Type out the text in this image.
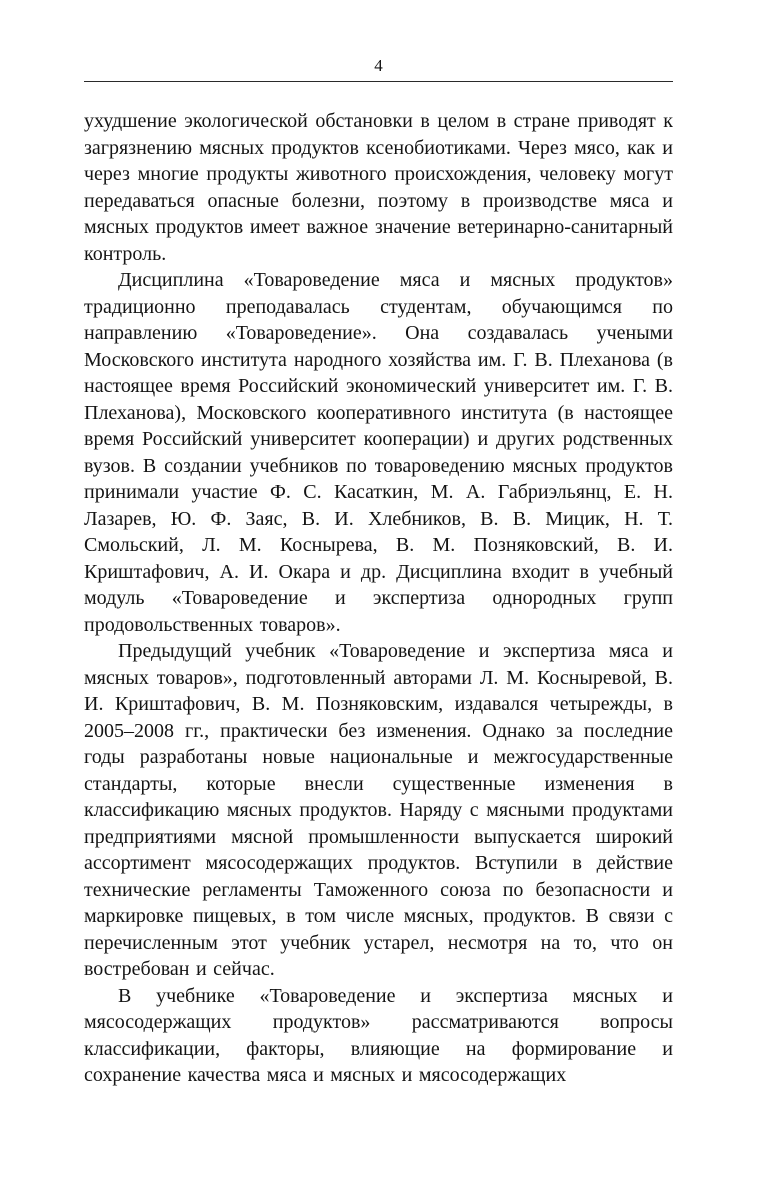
4

ухудшение экологической обстановки в целом в стране приводят к загрязнению мясных продуктов ксенобиотиками. Через мясо, как и через многие продукты животного происхождения, человеку могут передаваться опасные болезни, поэтому в производстве мяса и мясных продуктов имеет важное значение ветеринарно-санитарный контроль.

Дисциплина «Товароведение мяса и мясных продуктов» традиционно преподавалась студентам, обучающимся по направлению «Товароведение». Она создавалась учеными Московского института народного хозяйства им. Г. В. Плеханова (в настоящее время Российский экономический университет им. Г. В. Плеханова), Московского кооперативного института (в настоящее время Российский университет кооперации) и других родственных вузов. В создании учебников по товароведению мясных продуктов принимали участие Ф. С. Касаткин, М. А. Габриэльянц, Е. Н. Лазарев, Ю. Ф. Заяс, В. И. Хлебников, В. В. Мицик, Н. Т. Смольский, Л. М. Коснырева, В. М. Позняковский, В. И. Криштафович, А. И. Окара и др. Дисциплина входит в учебный модуль «Товароведение и экспертиза однородных групп продовольственных товаров».

Предыдущий учебник «Товароведение и экспертиза мяса и мясных товаров», подготовленный авторами Л. М. Косныревой, В. И. Криштафович, В. М. Позняковским, издавался четырежды, в 2005–2008 гг., практически без изменения. Однако за последние годы разработаны новые национальные и межгосударственные стандарты, которые внесли существенные изменения в классификацию мясных продуктов. Наряду с мясными продуктами предприятиями мясной промышленности выпускается широкий ассортимент мясосодержащих продуктов. Вступили в действие технические регламенты Таможенного союза по безопасности и маркировке пищевых, в том числе мясных, продуктов. В связи с перечисленным этот учебник устарел, несмотря на то, что он востребован и сейчас.

В учебнике «Товароведение и экспертиза мясных и мясосодержащих продуктов» рассматриваются вопросы классификации, факторы, влияющие на формирование и сохранение качества мяса и мясных и мясосодержащих
